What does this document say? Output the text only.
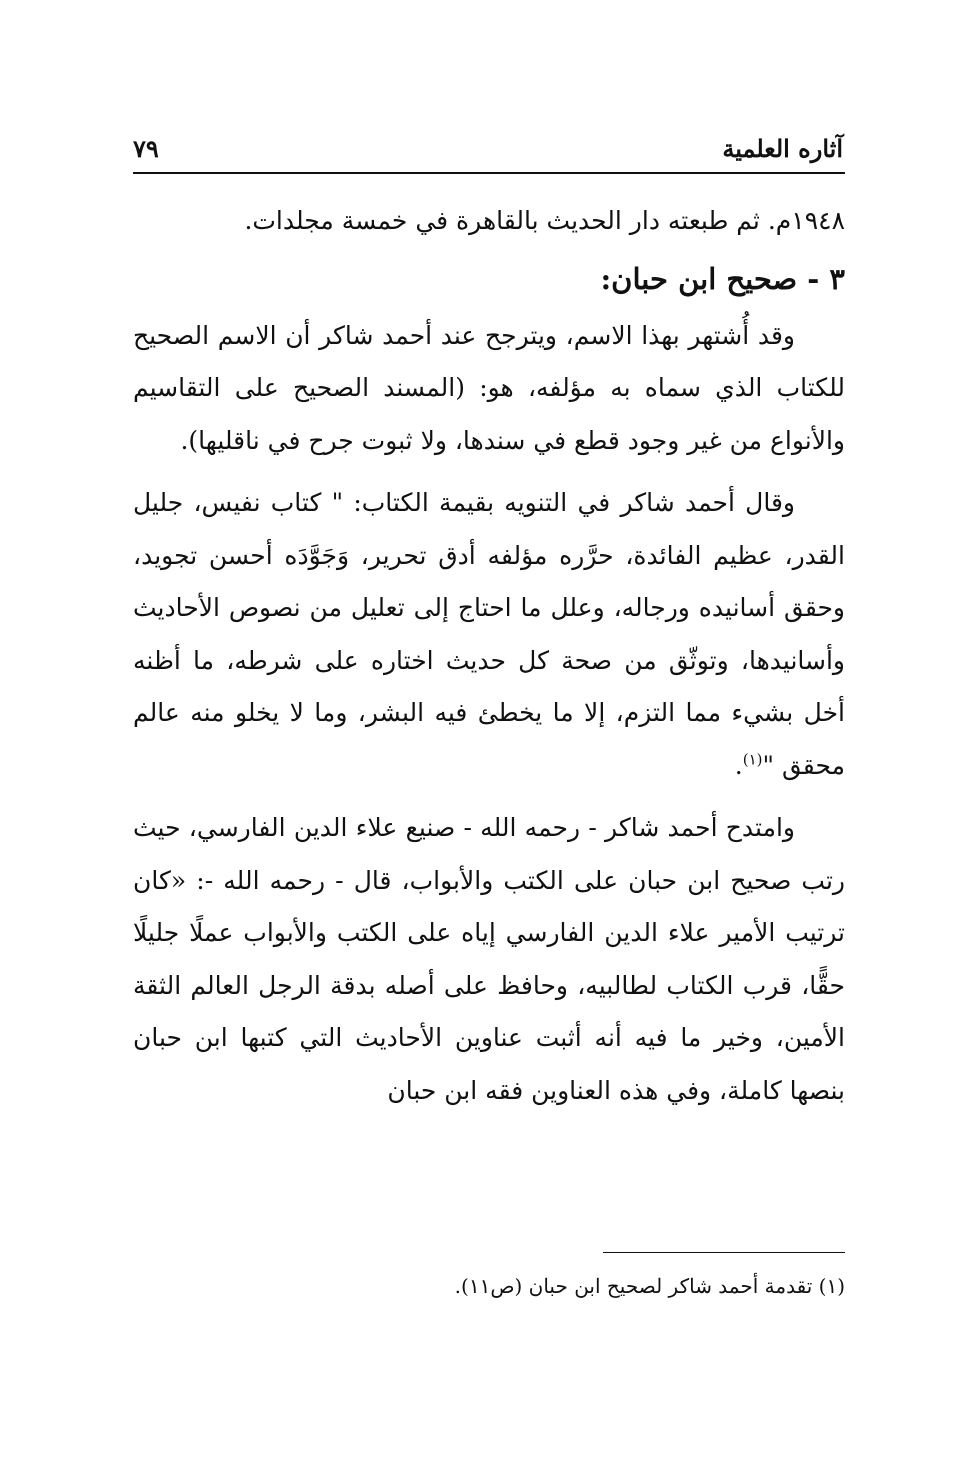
آثاره العلمية
٧٩

١٩٤٨م. ثم طبعته دار الحديث بالقاهرة في خمسة مجلدات.

٣ - صحيح ابن حبان:

وقد أُشتهر بهذا الاسم، ويترجح عند أحمد شاكر أن الاسم الصحيح للكتاب الذي سماه به مؤلفه، هو: (المسند الصحيح على التقاسيم والأنواع من غير وجود قطع في سندها، ولا ثبوت جرح في ناقليها).

وقال أحمد شاكر في التنويه بقيمة الكتاب: " كتاب نفيس، جليل القدر، عظيم الفائدة، حرَّره مؤلفه أدق تحرير، وَجَوَّدَه أحسن تجويد، وحقق أسانيده ورجاله، وعلل ما احتاج إلى تعليل من نصوص الأحاديث وأسانيدها، وتوثّق من صحة كل حديث اختاره على شرطه، ما أظنه أخل بشيء مما التزم، إلا ما يخطئ فيه البشر، وما لا يخلو منه عالم محقق "$^{(١)}$.

وامتدح أحمد شاكر - رحمه الله - صنيع علاء الدين الفارسي، حيث رتب صحيح ابن حبان على الكتب والأبواب، قال - رحمه الله -: «كان ترتيب الأمير علاء الدين الفارسي إياه على الكتب والأبواب عملًا جليلًا حقًّا، قرب الكتاب لطالبيه، وحافظ على أصله بدقة الرجل العالم الثقة الأمين، وخير ما فيه أنه أثبت عناوين الأحاديث التي كتبها ابن حبان بنصها كاملة، وفي هذه العناوين فقه ابن حبان

(١) تقدمة أحمد شاكر لصحيح ابن حبان (ص١١).
